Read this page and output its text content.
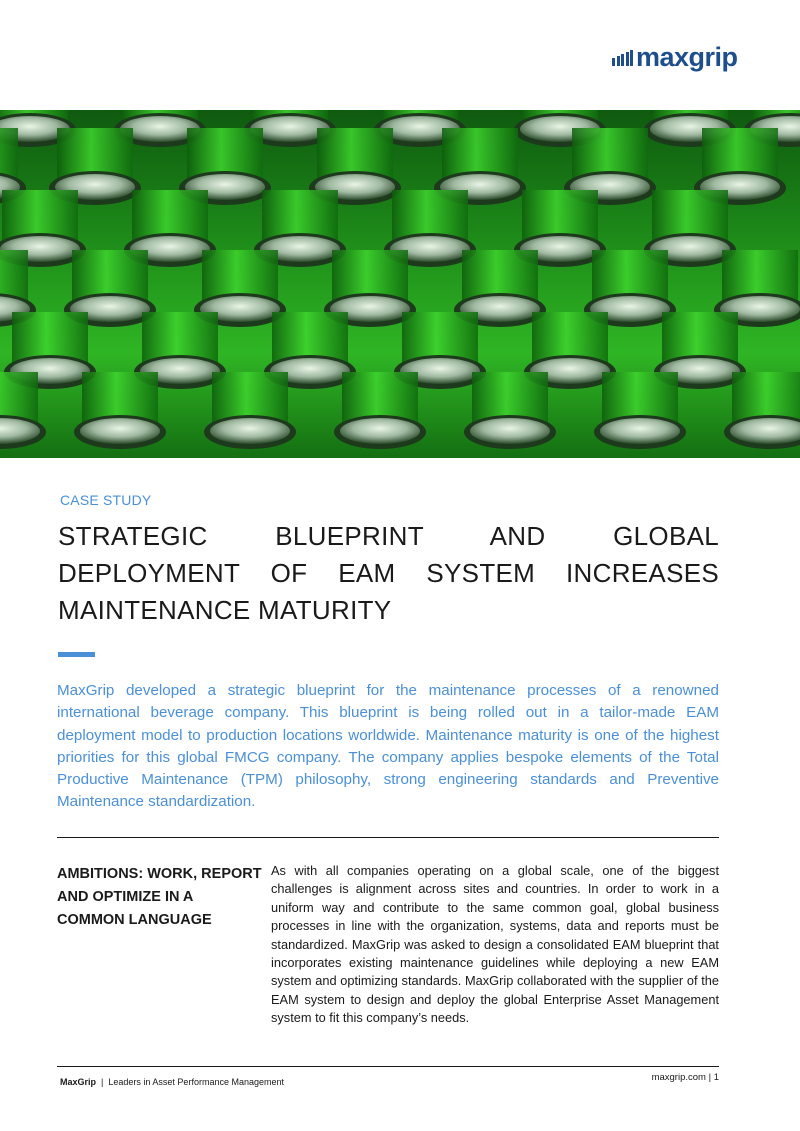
maxgrip
CASE STUDY
STRATEGIC BLUEPRINT AND GLOBAL DEPLOYMENT OF EAM SYSTEM INCREASES MAINTENANCE MATURITY

MaxGrip developed a strategic blueprint for the maintenance processes of a renowned international beverage company. This blueprint is being rolled out in a tailor-made EAM deployment model to production locations worldwide. Maintenance maturity is one of the highest priorities for this global FMCG company. The company applies bespoke elements of the Total Productive Maintenance (TPM) philosophy, strong engineering standards and Preventive Maintenance standardization.

AMBITIONS: WORK, REPORT AND OPTIMIZE IN A COMMON LANGUAGE

As with all companies operating on a global scale, one of the biggest challenges is alignment across sites and countries. In order to work in a uniform way and contribute to the same common goal, global business processes in line with the organization, systems, data and reports must be standardized. MaxGrip was asked to design a consolidated EAM blueprint that incorporates existing maintenance guidelines while deploying a new EAM system and optimizing standards. MaxGrip collaborated with the supplier of the EAM system to design and deploy the global Enterprise Asset Management system to fit this company’s needs.

MaxGrip | Leaders in Asset Performance Management	maxgrip.com | 1
